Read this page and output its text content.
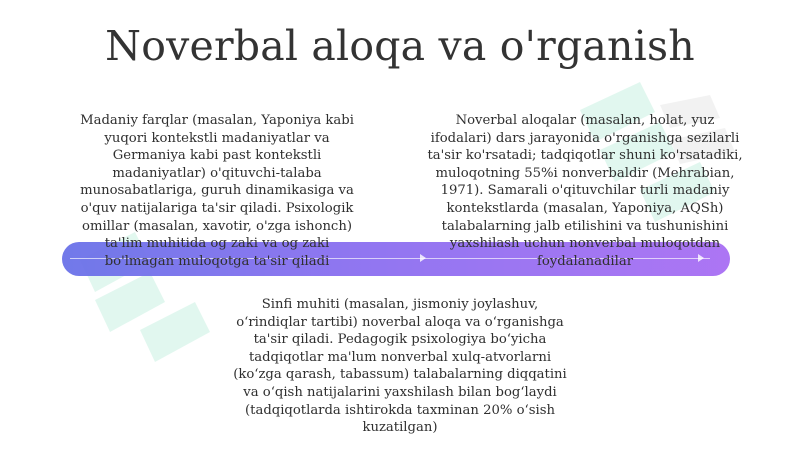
Noverbal aloqa va o'rganish

Madaniy farqlar (masalan, Yaponiya kabi yuqori kontekstli madaniyatlar va Germaniya kabi past kontekstli madaniyatlar) o'qituvchi-talaba munosabatlariga, guruh dinamikasiga va o'quv natijalariga ta'sir qiladi. Psixologik omillar (masalan, xavotir, o'zga ishonch) ta'lim muhitida og zaki va og zaki bo'lmagan muloqotga ta'sir qiladi

Noverbal aloqalar (masalan, holat, yuz ifodalari) dars jarayonida o'rganishga sezilarli ta'sir ko'rsatadi; tadqiqotlar shuni ko'rsatadiki, muloqotning 55%i nonverbaldir (Mehrabian, 1971). Samarali o'qituvchilar turli madaniy kontekstlarda (masalan, Yaponiya, AQSh) talabalarning jalb etilishini va tushunishini yaxshilash uchun nonverbal muloqotdan foydalanadilar

Sinfi muhiti (masalan, jismoniy joylashuv, o‘rindiqlar tartibi) noverbal aloqa va o‘rganishga ta'sir qiladi. Pedagogik psixologiya bo‘yicha tadqiqotlar ma'lum nonverbal xulq-atvorlarni (ko‘zga qarash, tabassum) talabalarning diqqatini va o‘qish natijalarini yaxshilash bilan bog‘laydi (tadqiqotlarda ishtirokda taxminan 20% o‘sish kuzatilgan)
